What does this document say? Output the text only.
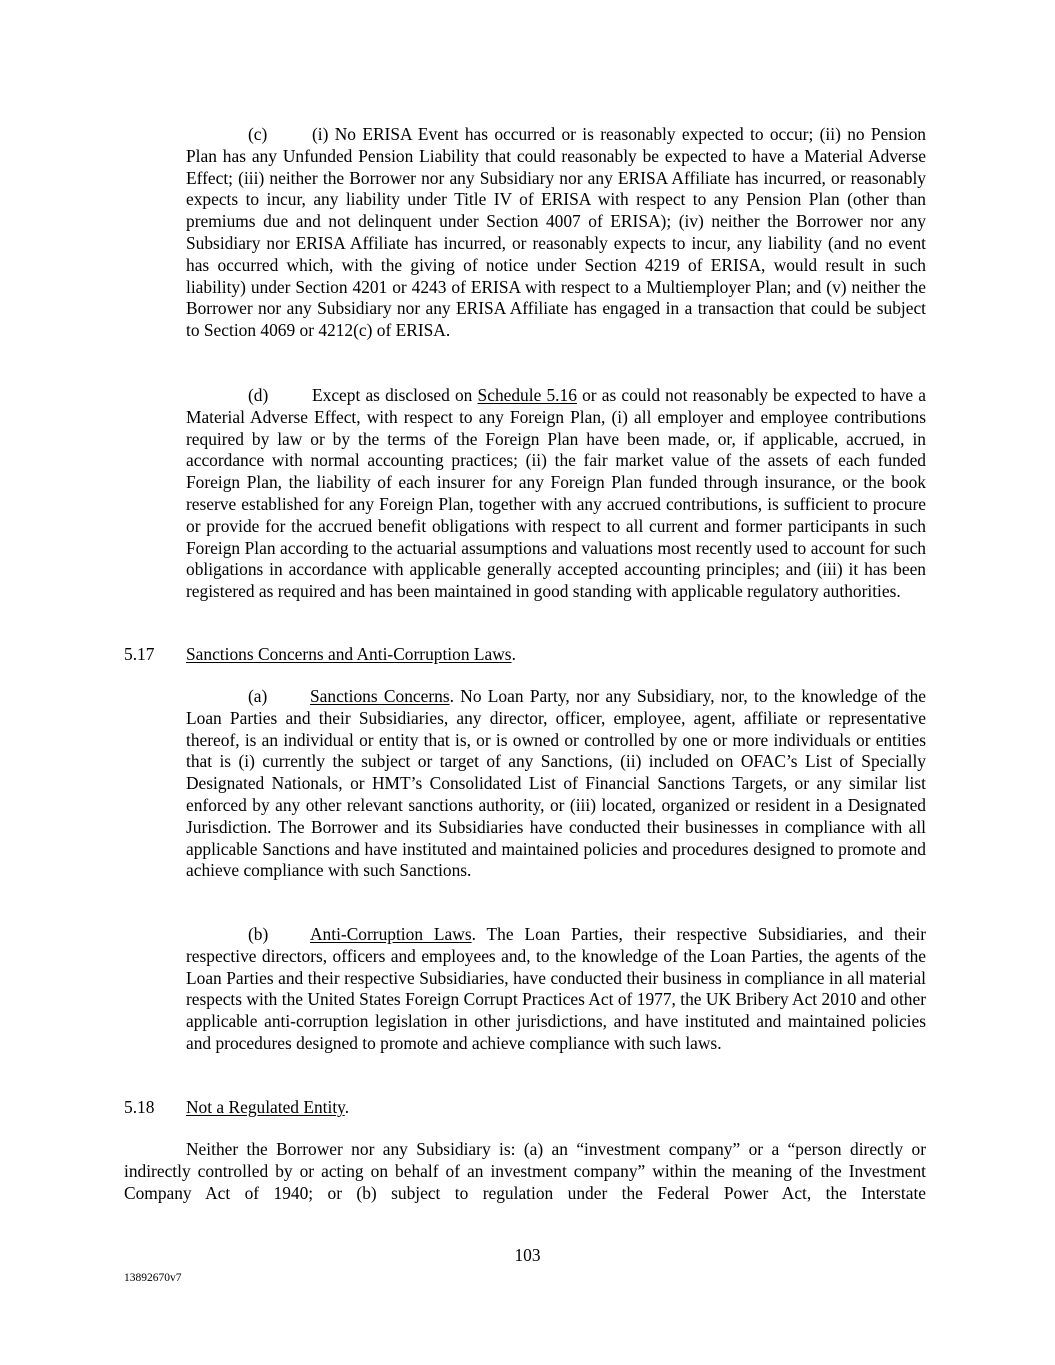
(c)	(i) No ERISA Event has occurred or is reasonably expected to occur; (ii) no Pension Plan has any Unfunded Pension Liability that could reasonably be expected to have a Material Adverse Effect; (iii) neither the Borrower nor any Subsidiary nor any ERISA Affiliate has incurred, or reasonably expects to incur, any liability under Title IV of ERISA with respect to any Pension Plan (other than premiums due and not delinquent under Section 4007 of ERISA); (iv) neither the Borrower nor any Subsidiary nor ERISA Affiliate has incurred, or reasonably expects to incur, any liability (and no event has occurred which, with the giving of notice under Section 4219 of ERISA, would result in such liability) under Section 4201 or 4243 of ERISA with respect to a Multiemployer Plan; and (v) neither the Borrower nor any Subsidiary nor any ERISA Affiliate has engaged in a transaction that could be subject to Section 4069 or 4212(c) of ERISA.

(d)	Except as disclosed on Schedule 5.16 or as could not reasonably be expected to have a Material Adverse Effect, with respect to any Foreign Plan, (i) all employer and employee contributions required by law or by the terms of the Foreign Plan have been made, or, if applicable, accrued, in accordance with normal accounting practices; (ii) the fair market value of the assets of each funded Foreign Plan, the liability of each insurer for any Foreign Plan funded through insurance, or the book reserve established for any Foreign Plan, together with any accrued contributions, is sufficient to procure or provide for the accrued benefit obligations with respect to all current and former participants in such Foreign Plan according to the actuarial assumptions and valuations most recently used to account for such obligations in accordance with applicable generally accepted accounting principles; and (iii) it has been registered as required and has been maintained in good standing with applicable regulatory authorities.

5.17 Sanctions Concerns and Anti-Corruption Laws.

(a) Sanctions Concerns. No Loan Party, nor any Subsidiary, nor, to the knowledge of the Loan Parties and their Subsidiaries, any director, officer, employee, agent, affiliate or representative thereof, is an individual or entity that is, or is owned or controlled by one or more individuals or entities that is (i) currently the subject or target of any Sanctions, (ii) included on OFAC’s List of Specially Designated Nationals, or HMT’s Consolidated List of Financial Sanctions Targets, or any similar list enforced by any other relevant sanctions authority, or (iii) located, organized or resident in a Designated Jurisdiction. The Borrower and its Subsidiaries have conducted their businesses in compliance with all applicable Sanctions and have instituted and maintained policies and procedures designed to promote and achieve compliance with such Sanctions.

(b) Anti-Corruption Laws. The Loan Parties, their respective Subsidiaries, and their respective directors, officers and employees and, to the knowledge of the Loan Parties, the agents of the Loan Parties and their respective Subsidiaries, have conducted their business in compliance in all material respects with the United States Foreign Corrupt Practices Act of 1977, the UK Bribery Act 2010 and other applicable anti-corruption legislation in other jurisdictions, and have instituted and maintained policies and procedures designed to promote and achieve compliance with such laws.

5.18 Not a Regulated Entity.

Neither the Borrower nor any Subsidiary is: (a) an “investment company” or a “person directly or indirectly controlled by or acting on behalf of an investment company” within the meaning of the Investment Company Act of 1940; or (b) subject to regulation under the Federal Power Act, the Interstate

103
13892670v7
